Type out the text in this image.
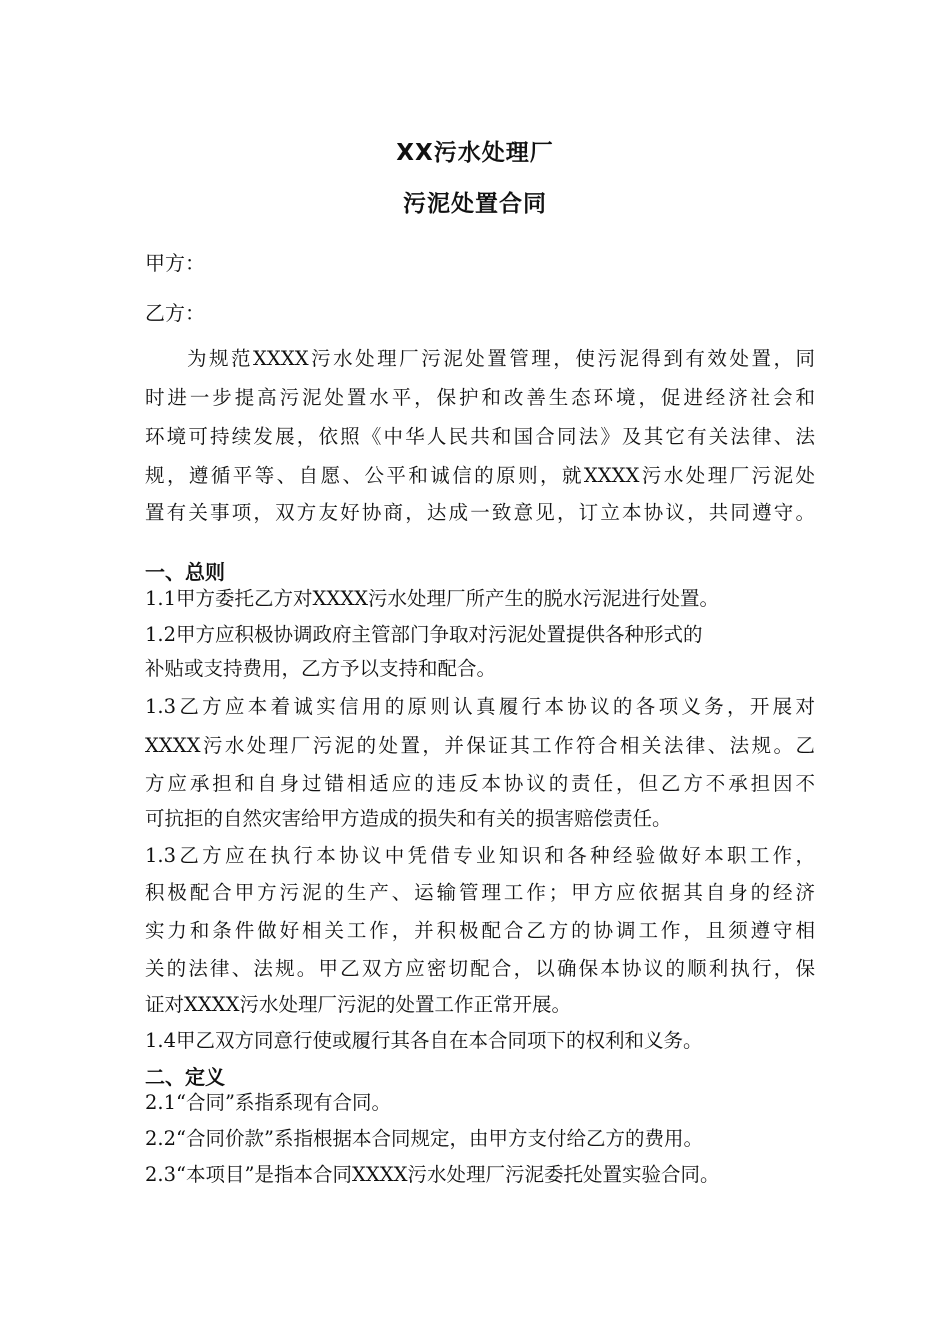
XX污水处理厂
污泥处置合同
甲方：
乙方：
为规范XXXX污水处理厂污泥处置管理，使污泥得到有效处置，同
时进一步提高污泥处置水平，保护和改善生态环境，促进经济社会和
环境可持续发展，依照《中华人民共和国合同法》及其它有关法律、法
规，遵循平等、自愿、公平和诚信的原则，就XXXX污水处理厂污泥处
置有关事项，双方友好协商，达成一致意见，订立本协议，共同遵守。
一、总则
1.1甲方委托乙方对XXXX污水处理厂所产生的脱水污泥进行处置。
1.2甲方应积极协调政府主管部门争取对污泥处置提供各种形式的
补贴或支持费用，乙方予以支持和配合。
1.3乙方应本着诚实信用的原则认真履行本协议的各项义务，开展对
XXXX污水处理厂污泥的处置，并保证其工作符合相关法律、法规。乙
方应承担和自身过错相适应的违反本协议的责任，但乙方不承担因不
可抗拒的自然灾害给甲方造成的损失和有关的损害赔偿责任。
1.3乙方应在执行本协议中凭借专业知识和各种经验做好本职工作，
积极配合甲方污泥的生产、运输管理工作；甲方应依据其自身的经济
实力和条件做好相关工作，并积极配合乙方的协调工作，且须遵守相
关的法律、法规。甲乙双方应密切配合，以确保本协议的顺利执行，保
证对XXXX污水处理厂污泥的处置工作正常开展。
1.4甲乙双方同意行使或履行其各自在本合同项下的权利和义务。
二、定义
2.1“合同”系指系现有合同。
2.2“合同价款”系指根据本合同规定，由甲方支付给乙方的费用。
2.3“本项目”是指本合同XXXX污水处理厂污泥委托处置实验合同。
